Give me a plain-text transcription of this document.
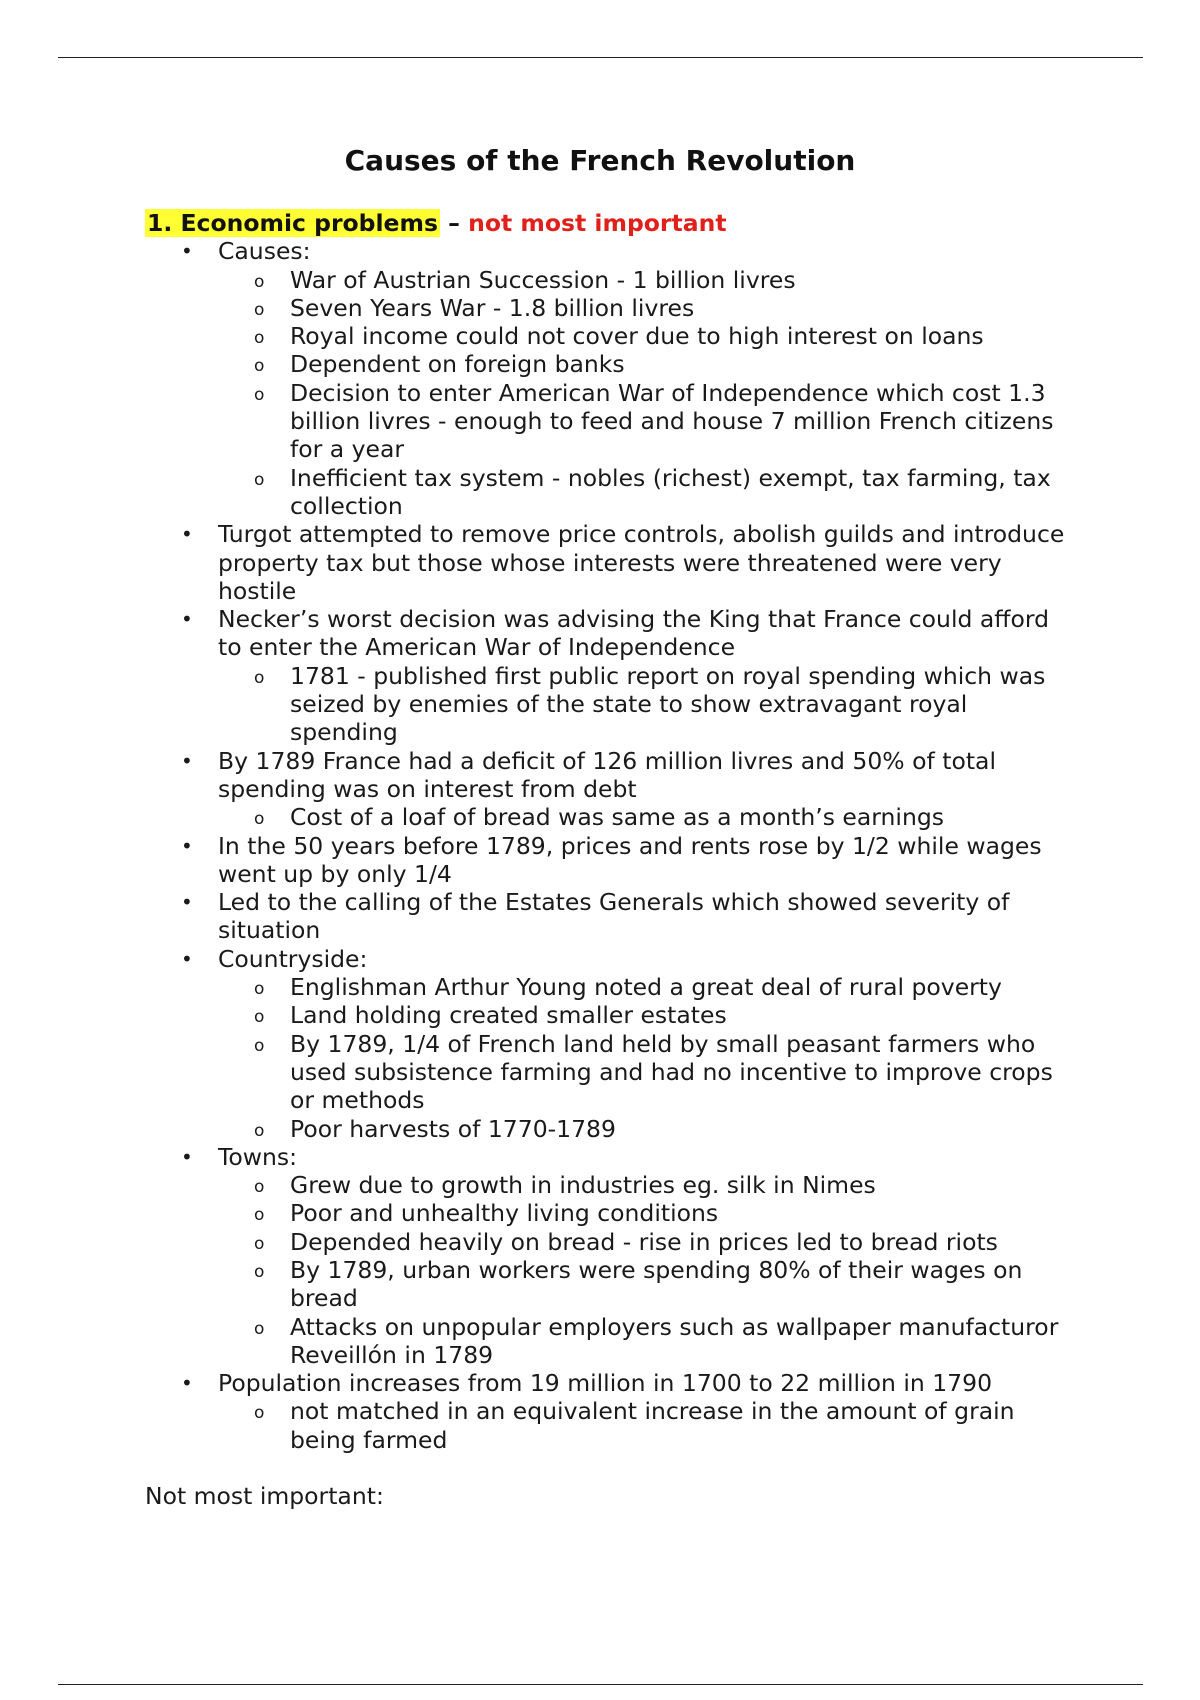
Causes of the French Revolution
1. Economic problems – not most important
• Causes:
o War of Austrian Succession - 1 billion livres
o Seven Years War - 1.8 billion livres
o Royal income could not cover due to high interest on loans
o Dependent on foreign banks
o Decision to enter American War of Independence which cost 1.3 billion livres - enough to feed and house 7 million French citizens for a year
o Inefficient tax system - nobles (richest) exempt, tax farming, tax collection
• Turgot attempted to remove price controls, abolish guilds and introduce property tax but those whose interests were threatened were very hostile
• Necker’s worst decision was advising the King that France could afford to enter the American War of Independence
o 1781 - published first public report on royal spending which was seized by enemies of the state to show extravagant royal spending
• By 1789 France had a deficit of 126 million livres and 50% of total spending was on interest from debt
o Cost of a loaf of bread was same as a month’s earnings
• In the 50 years before 1789, prices and rents rose by 1/2 while wages went up by only 1/4
• Led to the calling of the Estates Generals which showed severity of situation
• Countryside:
o Englishman Arthur Young noted a great deal of rural poverty
o Land holding created smaller estates
o By 1789, 1/4 of French land held by small peasant farmers who used subsistence farming and had no incentive to improve crops or methods
o Poor harvests of 1770-1789
• Towns:
o Grew due to growth in industries eg. silk in Nimes
o Poor and unhealthy living conditions
o Depended heavily on bread - rise in prices led to bread riots
o By 1789, urban workers were spending 80% of their wages on bread
o Attacks on unpopular employers such as wallpaper manufacturor Reveillón in 1789
• Population increases from 19 million in 1700 to 22 million in 1790
o not matched in an equivalent increase in the amount of grain being farmed
Not most important:
